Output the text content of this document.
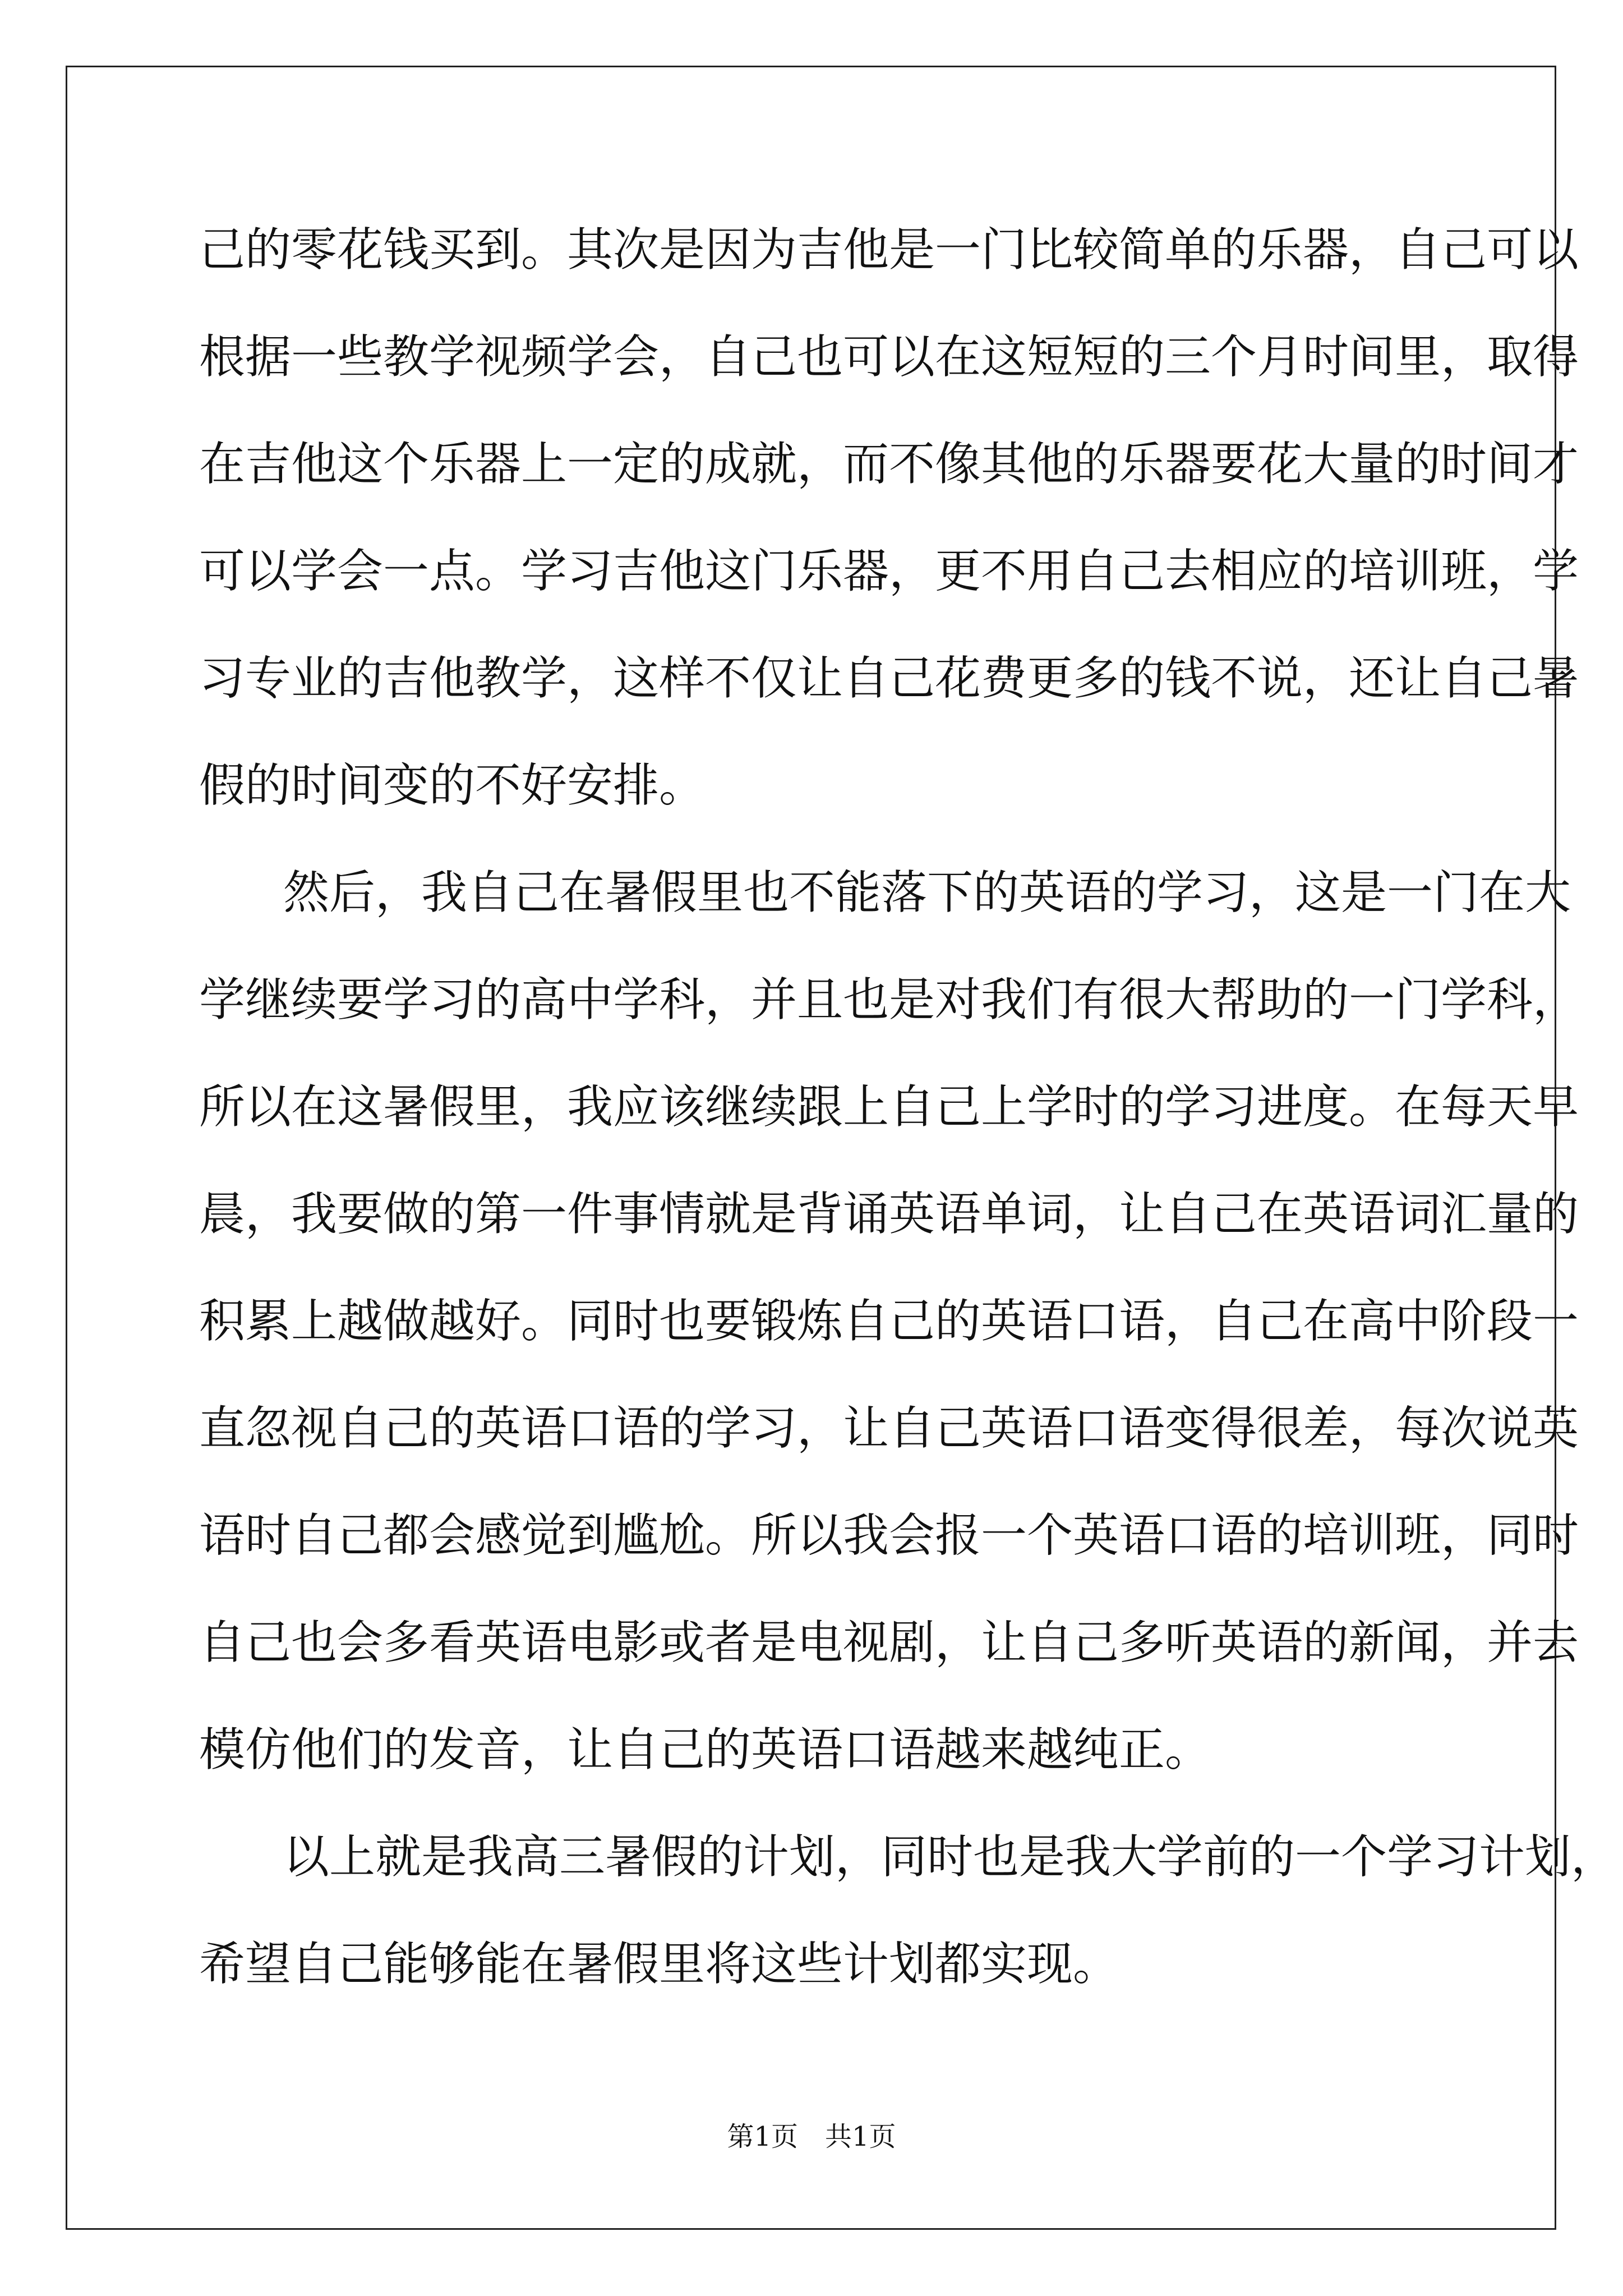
己的零花钱买到。其次是因为吉他是一门比较简单的乐器，自己可以
根据一些教学视频学会，自己也可以在这短短的三个月时间里，取得
在吉他这个乐器上一定的成就，而不像其他的乐器要花大量的时间才
可以学会一点。学习吉他这门乐器，更不用自己去相应的培训班，学
习专业的吉他教学，这样不仅让自己花费更多的钱不说，还让自己暑
假的时间变的不好安排。
然后，我自己在暑假里也不能落下的英语的学习，这是一门在大
学继续要学习的高中学科，并且也是对我们有很大帮助的一门学科，
所以在这暑假里，我应该继续跟上自己上学时的学习进度。在每天早
晨，我要做的第一件事情就是背诵英语单词，让自己在英语词汇量的
积累上越做越好。同时也要锻炼自己的英语口语，自己在高中阶段一
直忽视自己的英语口语的学习，让自己英语口语变得很差，每次说英
语时自己都会感觉到尴尬。所以我会报一个英语口语的培训班，同时
自己也会多看英语电影或者是电视剧，让自己多听英语的新闻，并去
模仿他们的发音，让自己的英语口语越来越纯正。
以上就是我高三暑假的计划，同时也是我大学前的一个学习计划，
希望自己能够能在暑假里将这些计划都实现。
第1页　共1页
